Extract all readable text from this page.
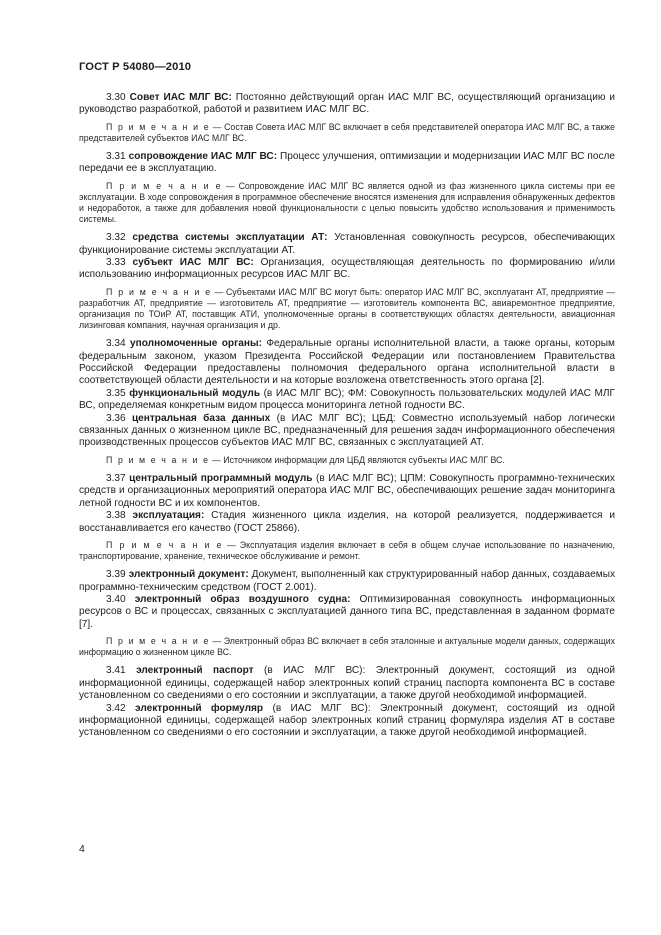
ГОСТ Р 54080—2010

3.30 Совет ИАС МЛГ ВС: Постоянно действующий орган ИАС МЛГ ВС, осуществляющий организацию и руководство разработкой, работой и развитием ИАС МЛГ ВС.

П р и м е ч а н и е — Состав Совета ИАС МЛГ ВС включает в себя представителей оператора ИАС МЛГ ВС, а также представителей субъектов ИАС МЛГ ВС.

3.31 сопровождение ИАС МЛГ ВС: Процесс улучшения, оптимизации и модернизации ИАС МЛГ ВС после передачи ее в эксплуатацию.

П р и м е ч а н и е — Сопровождение ИАС МЛГ ВС является одной из фаз жизненного цикла системы при ее эксплуатации. В ходе сопровождения в программное обеспечение вносятся изменения для исправления обнаруженных дефектов и недоработок, а также для добавления новой функциональности с целью повысить удобство использования и применимость системы.

3.32 средства системы эксплуатации АТ: Установленная совокупность ресурсов, обеспечивающих функционирование системы эксплуатации АТ.

3.33 субъект ИАС МЛГ ВС: Организация, осуществляющая деятельность по формированию и/или использованию информационных ресурсов ИАС МЛГ ВС.

П р и м е ч а н и е — Субъектами ИАС МЛГ ВС могут быть: оператор ИАС МЛГ ВС, эксплуатант АТ, предприятие — разработчик АТ, предприятие — изготовитель АТ, предприятие — изготовитель компонента ВС, авиаремонтное предприятие, организация по ТОиР АТ, поставщик АТИ, уполномоченные органы в соответствующих областях деятельности, авиационная лизинговая компания, научная организация и др.

3.34 уполномоченные органы: Федеральные органы исполнительной власти, а также органы, которым федеральным законом, указом Президента Российской Федерации или постановлением Правительства Российской Федерации предоставлены полномочия федерального органа исполнительной власти в соответствующей области деятельности и на которые возложена ответственность этого органа [2].

3.35 функциональный модуль (в ИАС МЛГ ВС); ФМ: Совокупность пользовательских модулей ИАС МЛГ ВС, определяемая конкретным видом процесса мониторинга летной годности ВС.

3.36 центральная база данных (в ИАС МЛГ ВС); ЦБД: Совместно используемый набор логически связанных данных о жизненном цикле ВС, предназначенный для решения задач информационного обеспечения производственных процессов субъектов ИАС МЛГ ВС, связанных с эксплуатацией АТ.

П р и м е ч а н и е — Источником информации для ЦБД являются субъекты ИАС МЛГ ВС.

3.37 центральный программный модуль (в ИАС МЛГ ВС); ЦПМ: Совокупность программно-технических средств и организационных мероприятий оператора ИАС МЛГ ВС, обеспечивающих решение задач мониторинга летной годности ВС и их компонентов.

3.38 эксплуатация: Стадия жизненного цикла изделия, на которой реализуется, поддерживается и восстанавливается его качество (ГОСТ 25866).

П р и м е ч а н и е — Эксплуатация изделия включает в себя в общем случае использование по назначению, транспортирование, хранение, техническое обслуживание и ремонт.

3.39 электронный документ: Документ, выполненный как структурированный набор данных, создаваемых программно-техническим средством (ГОСТ 2.001).

3.40 электронный образ воздушного судна: Оптимизированная совокупность информационных ресурсов о ВС и процессах, связанных с эксплуатацией данного типа ВС, представленная в заданном формате [7].

П р и м е ч а н и е — Электронный образ ВС включает в себя эталонные и актуальные модели данных, содержащих информацию о жизненном цикле ВС.

3.41 электронный паспорт (в ИАС МЛГ ВС): Электронный документ, состоящий из одной информационной единицы, содержащей набор электронных копий страниц паспорта компонента ВС в составе установленном со сведениями о его состоянии и эксплуатации, а также другой необходимой информацией.

3.42 электронный формуляр (в ИАС МЛГ ВС): Электронный документ, состоящий из одной информационной единицы, содержащей набор электронных копий страниц формуляра изделия АТ в составе установленном со сведениями о его состоянии и эксплуатации, а также другой необходимой информацией.

4
